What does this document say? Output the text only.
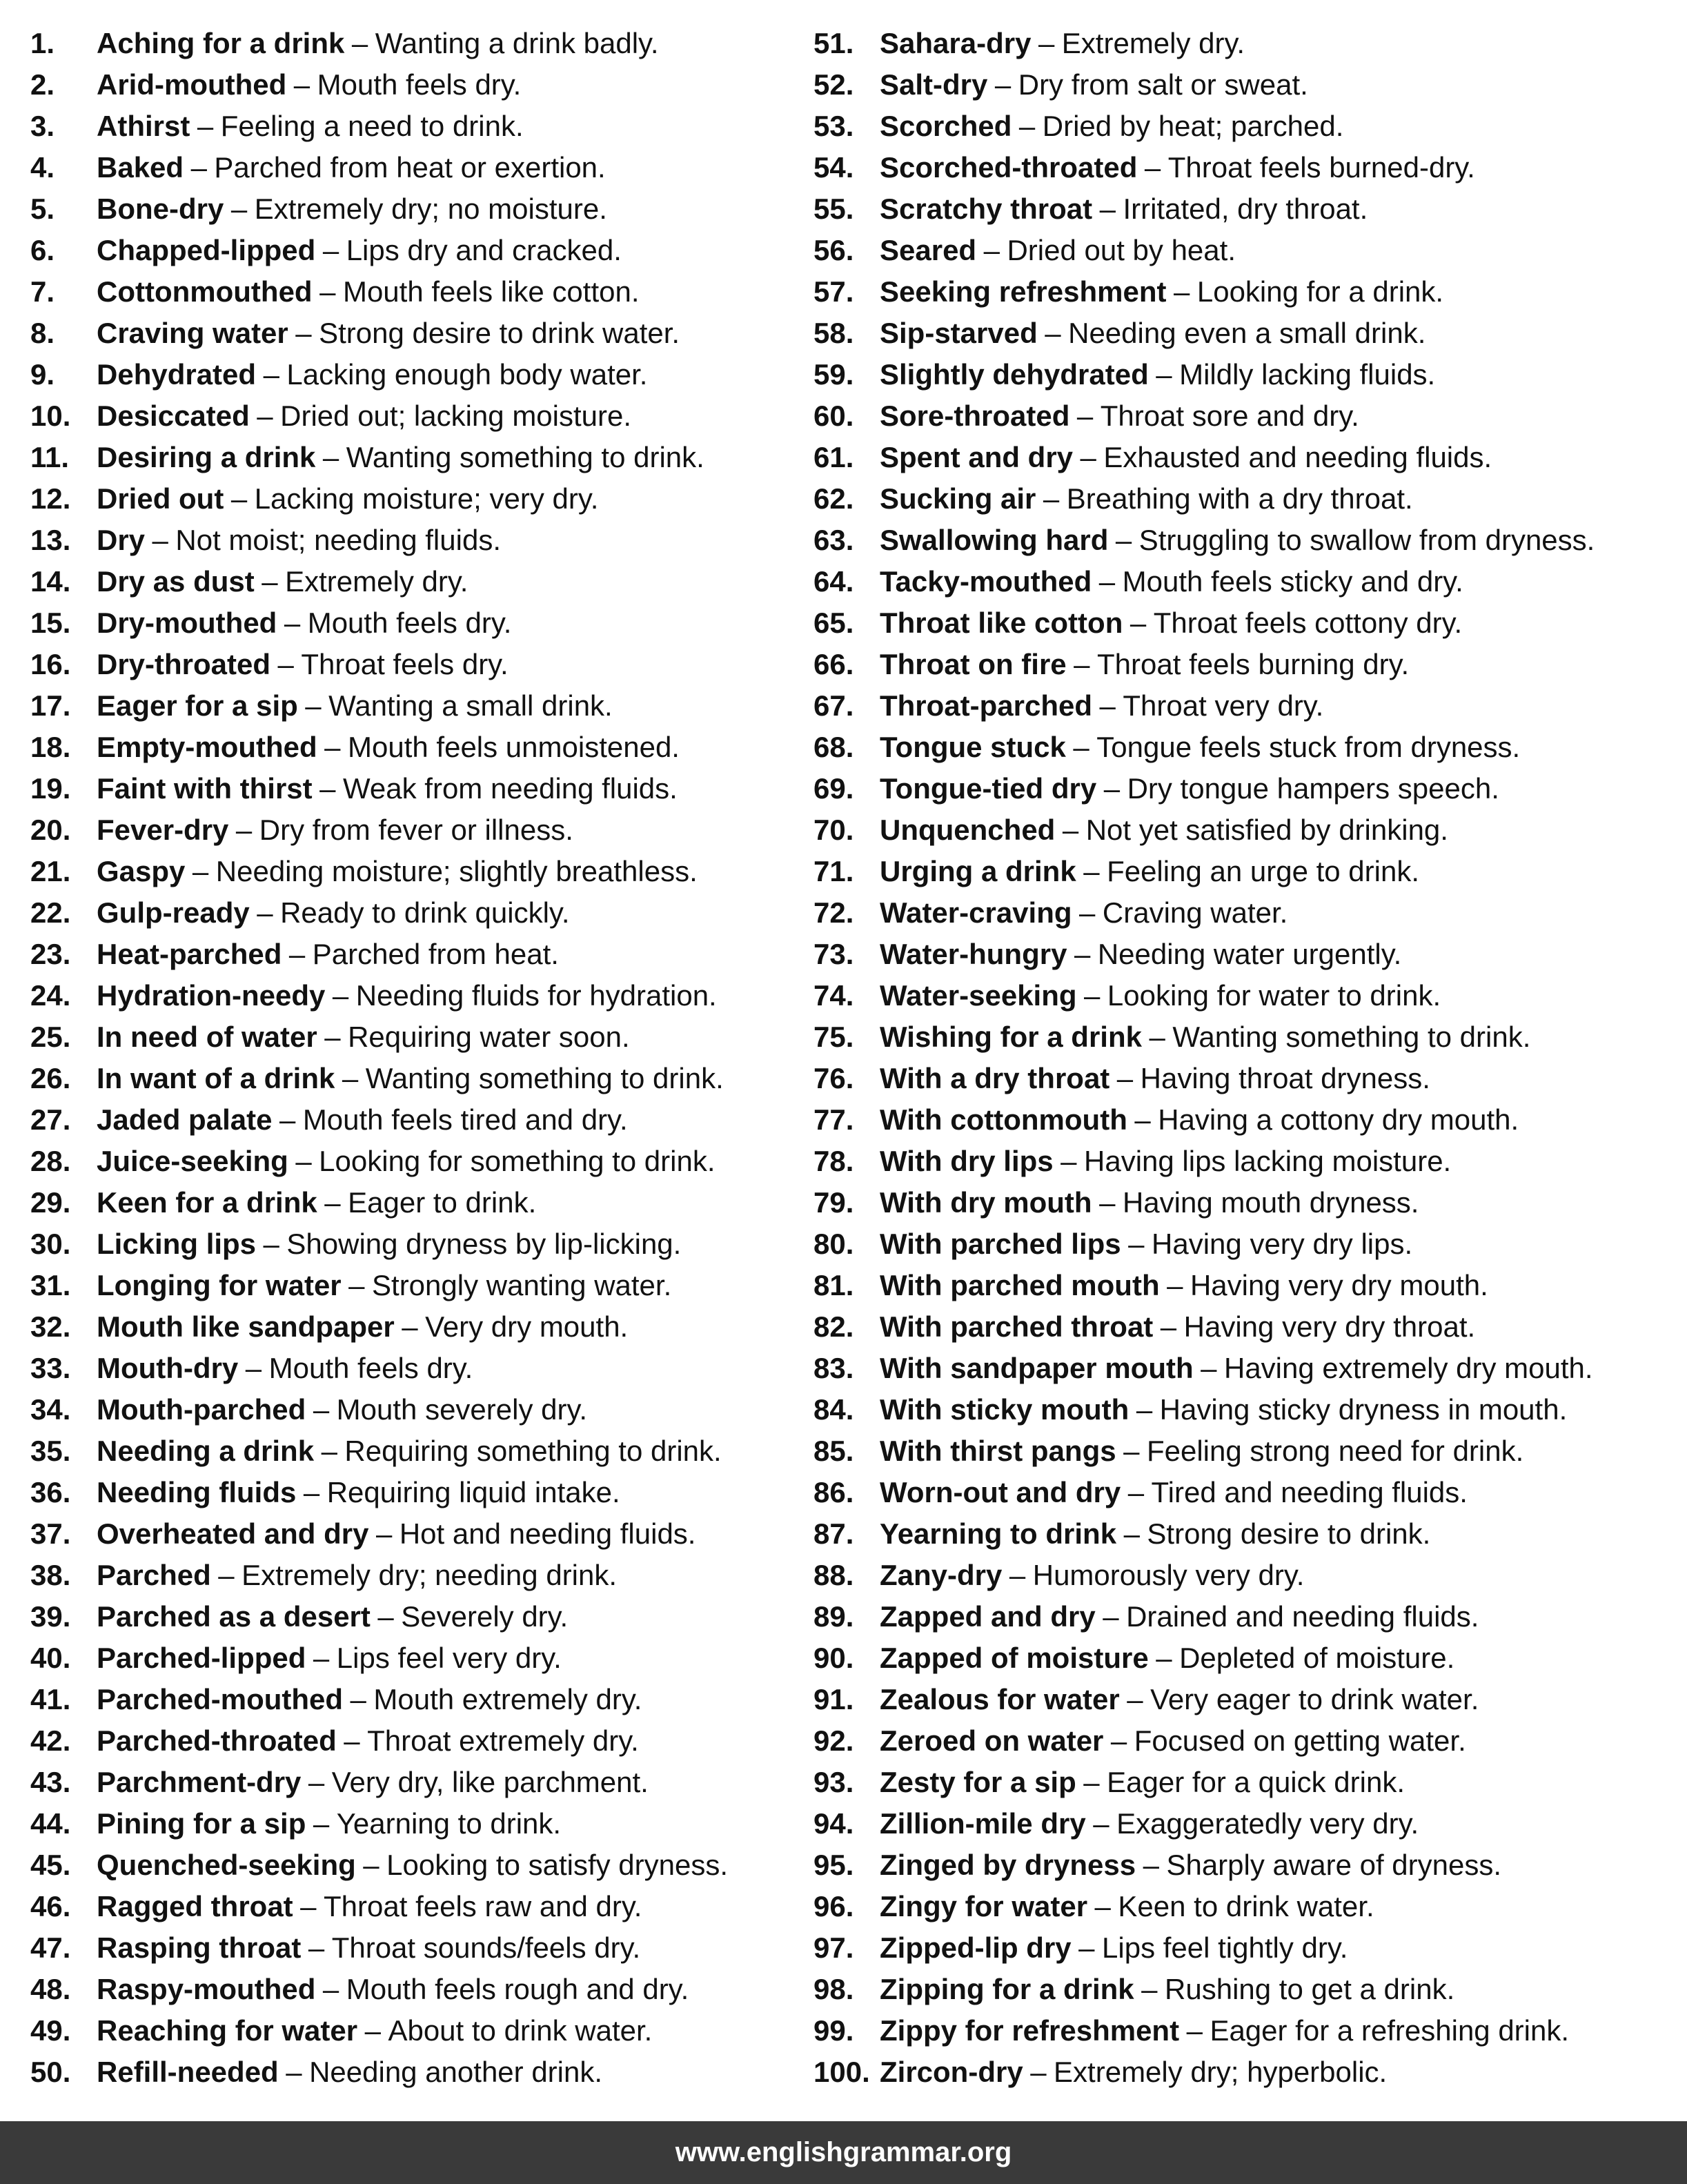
1. Aching for a drink – Wanting a drink badly.
2. Arid-mouthed – Mouth feels dry.
3. Athirst – Feeling a need to drink.
4. Baked – Parched from heat or exertion.
5. Bone-dry – Extremely dry; no moisture.
6. Chapped-lipped – Lips dry and cracked.
7. Cottonmouthed – Mouth feels like cotton.
8. Craving water – Strong desire to drink water.
9. Dehydrated – Lacking enough body water.
10. Desiccated – Dried out; lacking moisture.
11. Desiring a drink – Wanting something to drink.
12. Dried out – Lacking moisture; very dry.
13. Dry – Not moist; needing fluids.
14. Dry as dust – Extremely dry.
15. Dry-mouthed – Mouth feels dry.
16. Dry-throated – Throat feels dry.
17. Eager for a sip – Wanting a small drink.
18. Empty-mouthed – Mouth feels unmoistened.
19. Faint with thirst – Weak from needing fluids.
20. Fever-dry – Dry from fever or illness.
21. Gaspy – Needing moisture; slightly breathless.
22. Gulp-ready – Ready to drink quickly.
23. Heat-parched – Parched from heat.
24. Hydration-needy – Needing fluids for hydration.
25. In need of water – Requiring water soon.
26. In want of a drink – Wanting something to drink.
27. Jaded palate – Mouth feels tired and dry.
28. Juice-seeking – Looking for something to drink.
29. Keen for a drink – Eager to drink.
30. Licking lips – Showing dryness by lip-licking.
31. Longing for water – Strongly wanting water.
32. Mouth like sandpaper – Very dry mouth.
33. Mouth-dry – Mouth feels dry.
34. Mouth-parched – Mouth severely dry.
35. Needing a drink – Requiring something to drink.
36. Needing fluids – Requiring liquid intake.
37. Overheated and dry – Hot and needing fluids.
38. Parched – Extremely dry; needing drink.
39. Parched as a desert – Severely dry.
40. Parched-lipped – Lips feel very dry.
41. Parched-mouthed – Mouth extremely dry.
42. Parched-throated – Throat extremely dry.
43. Parchment-dry – Very dry, like parchment.
44. Pining for a sip – Yearning to drink.
45. Quenched-seeking – Looking to satisfy dryness.
46. Ragged throat – Throat feels raw and dry.
47. Rasping throat – Throat sounds/feels dry.
48. Raspy-mouthed – Mouth feels rough and dry.
49. Reaching for water – About to drink water.
50. Refill-needed – Needing another drink.
51. Sahara-dry – Extremely dry.
52. Salt-dry – Dry from salt or sweat.
53. Scorched – Dried by heat; parched.
54. Scorched-throated – Throat feels burned-dry.
55. Scratchy throat – Irritated, dry throat.
56. Seared – Dried out by heat.
57. Seeking refreshment – Looking for a drink.
58. Sip-starved – Needing even a small drink.
59. Slightly dehydrated – Mildly lacking fluids.
60. Sore-throated – Throat sore and dry.
61. Spent and dry – Exhausted and needing fluids.
62. Sucking air – Breathing with a dry throat.
63. Swallowing hard – Struggling to swallow from dryness.
64. Tacky-mouthed – Mouth feels sticky and dry.
65. Throat like cotton – Throat feels cottony dry.
66. Throat on fire – Throat feels burning dry.
67. Throat-parched – Throat very dry.
68. Tongue stuck – Tongue feels stuck from dryness.
69. Tongue-tied dry – Dry tongue hampers speech.
70. Unquenched – Not yet satisfied by drinking.
71. Urging a drink – Feeling an urge to drink.
72. Water-craving – Craving water.
73. Water-hungry – Needing water urgently.
74. Water-seeking – Looking for water to drink.
75. Wishing for a drink – Wanting something to drink.
76. With a dry throat – Having throat dryness.
77. With cottonmouth – Having a cottony dry mouth.
78. With dry lips – Having lips lacking moisture.
79. With dry mouth – Having mouth dryness.
80. With parched lips – Having very dry lips.
81. With parched mouth – Having very dry mouth.
82. With parched throat – Having very dry throat.
83. With sandpaper mouth – Having extremely dry mouth.
84. With sticky mouth – Having sticky dryness in mouth.
85. With thirst pangs – Feeling strong need for drink.
86. Worn-out and dry – Tired and needing fluids.
87. Yearning to drink – Strong desire to drink.
88. Zany-dry – Humorously very dry.
89. Zapped and dry – Drained and needing fluids.
90. Zapped of moisture – Depleted of moisture.
91. Zealous for water – Very eager to drink water.
92. Zeroed on water – Focused on getting water.
93. Zesty for a sip – Eager for a quick drink.
94. Zillion-mile dry – Exaggeratedly very dry.
95. Zinged by dryness – Sharply aware of dryness.
96. Zingy for water – Keen to drink water.
97. Zipped-lip dry – Lips feel tightly dry.
98. Zipping for a drink – Rushing to get a drink.
99. Zippy for refreshment – Eager for a refreshing drink.
100. Zircon-dry – Extremely dry; hyperbolic.
www.englishgrammar.org
